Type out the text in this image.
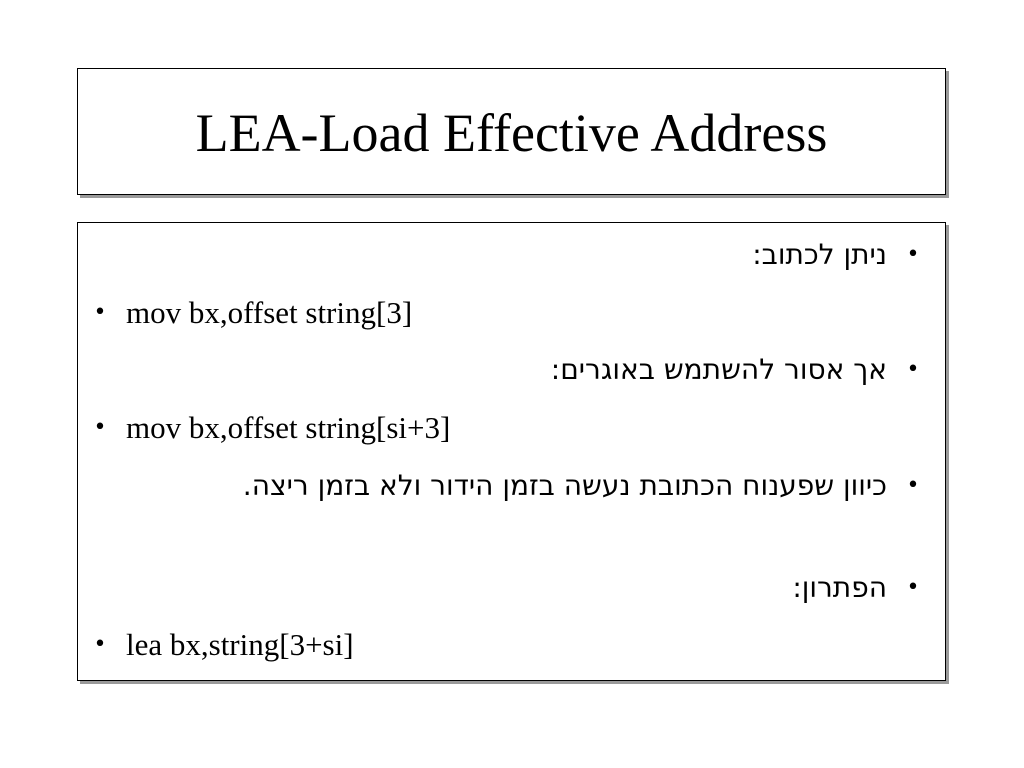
LEA-Load Effective Address
•
ניתן לכתוב:
• mov bx,offset string[3]
•
אך אסור להשתמש באוגרים:
• mov bx,offset string[si+3]
•
כיוון שפענוח הכתובת נעשה בזמן הידור ולא בזמן ריצה.
•
הפתרון:
• lea bx,string[3+si]
